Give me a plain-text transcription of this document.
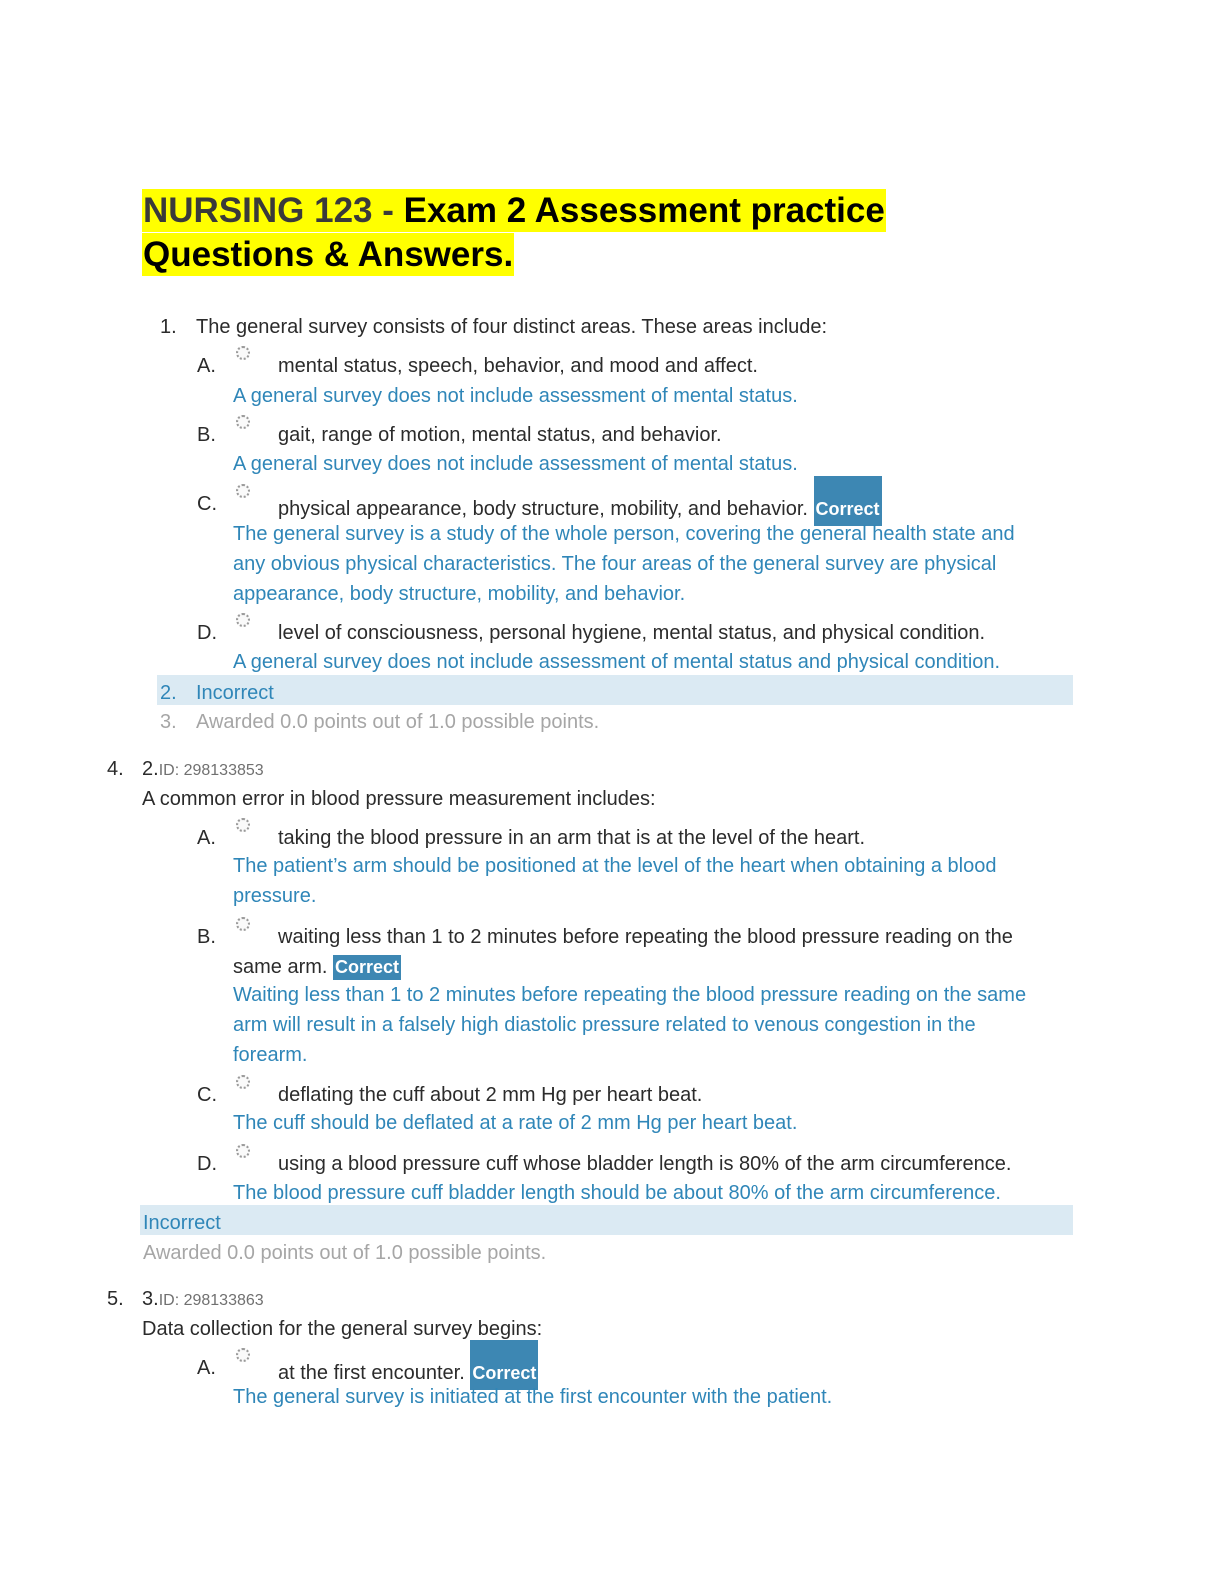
NURSING 123 - Exam 2 Assessment practice
Questions & Answers.
1. The general survey consists of four distinct areas. These areas include:
A.	mental status, speech, behavior, and mood and affect.
A general survey does not include assessment of mental status.
B.	gait, range of motion, mental status, and behavior.
A general survey does not include assessment of mental status.
C.	physical appearance, body structure, mobility, and behavior. Correct
The general survey is a study of the whole person, covering the general health state and
any obvious physical characteristics. The four areas of the general survey are physical
appearance, body structure, mobility, and behavior.
D.	level of consciousness, personal hygiene, mental status, and physical condition.
A general survey does not include assessment of mental status and physical condition.
2. Incorrect
3. Awarded 0.0 points out of 1.0 possible points.
4. 2.ID: 298133853
A common error in blood pressure measurement includes:
A.	taking the blood pressure in an arm that is at the level of the heart.
The patient’s arm should be positioned at the level of the heart when obtaining a blood
pressure.
B.	waiting less than 1 to 2 minutes before repeating the blood pressure reading on the
same arm. Correct
Waiting less than 1 to 2 minutes before repeating the blood pressure reading on the same
arm will result in a falsely high diastolic pressure related to venous congestion in the
forearm.
C.	deflating the cuff about 2 mm Hg per heart beat.
The cuff should be deflated at a rate of 2 mm Hg per heart beat.
D.	using a blood pressure cuff whose bladder length is 80% of the arm circumference.
The blood pressure cuff bladder length should be about 80% of the arm circumference.
Incorrect
Awarded 0.0 points out of 1.0 possible points.
5. 3.ID: 298133863
Data collection for the general survey begins:
A.	at the first encounter. Correct
The general survey is initiated at the first encounter with the patient.
